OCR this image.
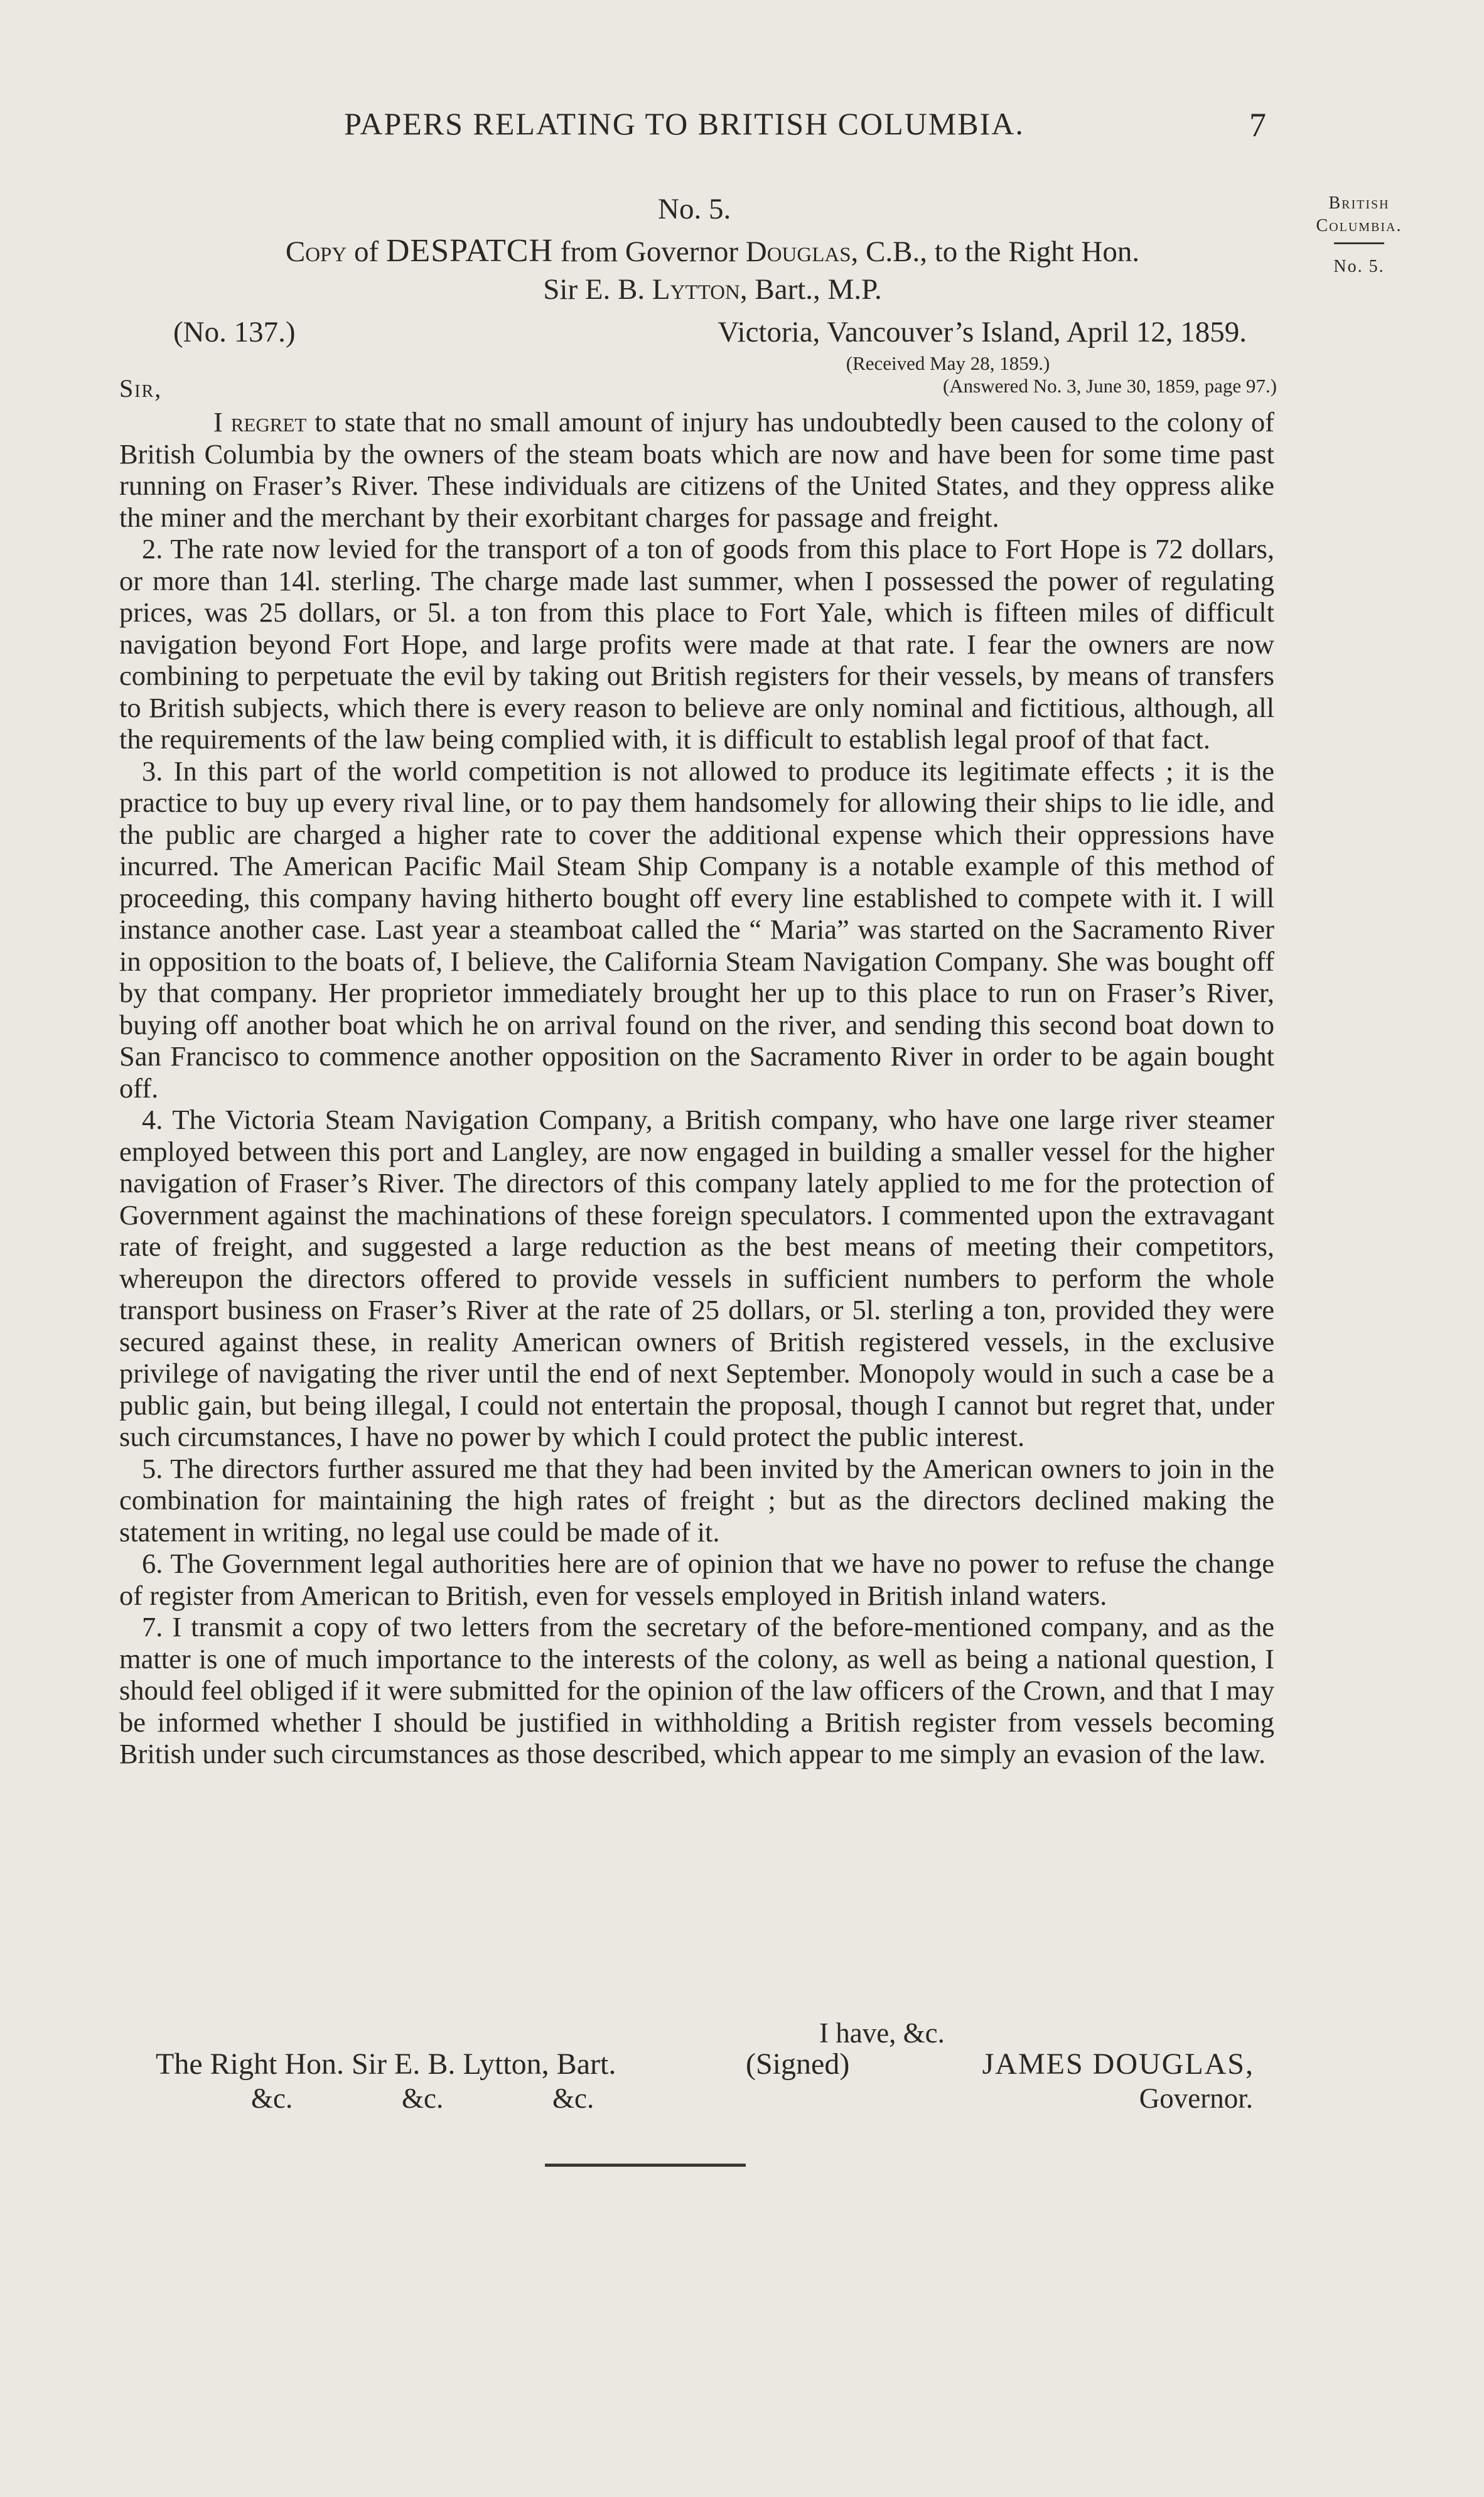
PAPERS RELATING TO BRITISH COLUMBIA.	7
British
Columbia.
No. 5.
No. 5.
Copy of DESPATCH from Governor Douglas, C.B., to the Right Hon.
Sir E. B. Lytton, Bart., M.P.
(No. 137.)	Victoria, Vancouver’s Island, April 12, 1859.
(Received May 28, 1859.)
(Answered No. 3, June 30, 1859, page 97.)
Sir,

I regret to state that no small amount of injury has undoubtedly been caused to the colony of British Columbia by the owners of the steam boats which are now and have been for some time past running on Fraser’s River. These individuals are citizens of the United States, and they oppress alike the miner and the merchant by their exorbitant charges for passage and freight.

2. The rate now levied for the transport of a ton of goods from this place to Fort Hope is 72 dollars, or more than 14l. sterling. The charge made last summer, when I possessed the power of regulating prices, was 25 dollars, or 5l. a ton from this place to Fort Yale, which is fifteen miles of difficult navigation beyond Fort Hope, and large profits were made at that rate. I fear the owners are now combining to perpetuate the evil by taking out British registers for their vessels, by means of transfers to British subjects, which there is every reason to believe are only nominal and fictitious, although, all the requirements of the law being complied with, it is difficult to establish legal proof of that fact.

3. In this part of the world competition is not allowed to produce its legitimate effects ; it is the practice to buy up every rival line, or to pay them handsomely for allowing their ships to lie idle, and the public are charged a higher rate to cover the additional expense which their oppressions have incurred. The American Pacific Mail Steam Ship Company is a notable example of this method of proceeding, this company having hitherto bought off every line established to compete with it. I will instance another case. Last year a steamboat called the “ Maria” was started on the Sacramento River in opposition to the boats of, I believe, the California Steam Navigation Company. She was bought off by that company. Her proprietor immediately brought her up to this place to run on Fraser’s River, buying off another boat which he on arrival found on the river, and sending this second boat down to San Francisco to commence another opposition on the Sacramento River in order to be again bought off.

4. The Victoria Steam Navigation Company, a British company, who have one large river steamer employed between this port and Langley, are now engaged in building a smaller vessel for the higher navigation of Fraser’s River. The directors of this company lately applied to me for the protection of Government against the machinations of these foreign speculators. I commented upon the extravagant rate of freight, and suggested a large reduction as the best means of meeting their competitors, whereupon the directors offered to provide vessels in sufficient numbers to perform the whole transport business on Fraser’s River at the rate of 25 dollars, or 5l. sterling a ton, provided they were secured against these, in reality American owners of British registered vessels, in the exclusive privilege of navigating the river until the end of next September. Monopoly would in such a case be a public gain, but being illegal, I could not entertain the proposal, though I cannot but regret that, under such circumstances, I have no power by which I could protect the public interest.

5. The directors further assured me that they had been invited by the American owners to join in the combination for maintaining the high rates of freight ; but as the directors declined making the statement in writing, no legal use could be made of it.

6. The Government legal authorities here are of opinion that we have no power to refuse the change of register from American to British, even for vessels employed in British inland waters.

7. I transmit a copy of two letters from the secretary of the before-mentioned company, and as the matter is one of much importance to the interests of the colony, as well as being a national question, I should feel obliged if it were submitted for the opinion of the law officers of the Crown, and that I may be informed whether I should be justified in withholding a British register from vessels becoming British under such circumstances as those described, which appear to me simply an evasion of the law.

I have, &c.
The Right Hon. Sir E. B. Lytton, Bart.	(Signed)	JAMES DOUGLAS,
&c.	&c.	&c.	Governor.
